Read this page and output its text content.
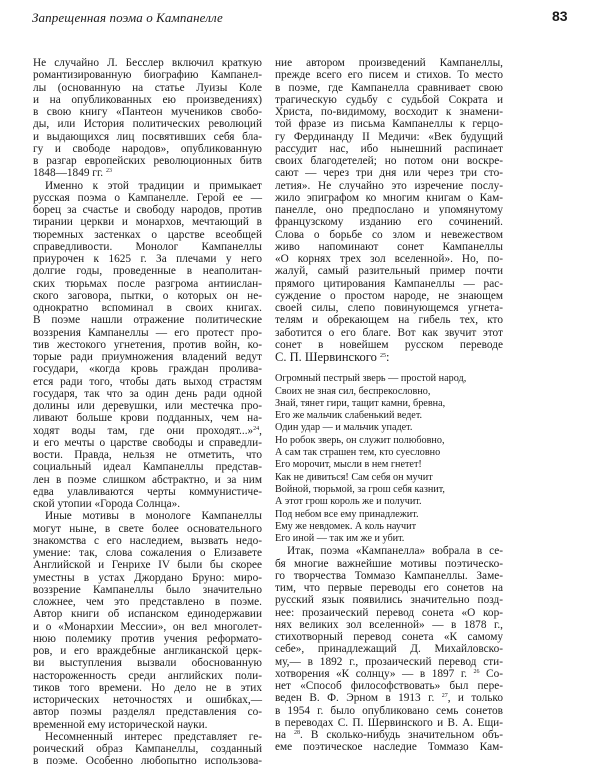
Запрещенная поэма о Кампанелле	83

Не случайно Л. Бесслер включил краткую
романтизированную биографию Кампанел-
лы (основанную на статье Луизы Коле
и на опубликованных ею произведениях)
в свою книгу «Пантеон мучеников свобо-
ды, или История политических революций
и выдающихся лиц посвятивших себя бла-
гу и свободе народов», опубликованную
в разгар европейских революционных битв
1848—1849 гг. $^{23}$

Именно к этой традиции и примыкает
русская поэма о Кампанелле. Герой ее —
борец за счастье и свободу народов, против
тирании церкви и монархов, мечтающий в
тюремных застенках о царстве всеобщей
справедливости. Монолог Кампанеллы
приурочен к 1625 г. За плечами у него
долгие годы, проведенные в неаполитан-
ских тюрьмах после разгрома антиислан-
ского заговора, пытки, о которых он не-
однократно вспоминал в своих книгах.
В поэме нашли отражение политические
воззрения Кампанеллы — его протест про-
тив жестокого угнетения, против войн, ко-
торые ради приумножения владений ведут
государи, «когда кровь граждан пролива-
ется ради того, чтобы дать выход страстям
государя, так что за один день ради одной
долины или деревушки, или местечка про-
ливают больше крови подданных, чем на-
ходят воды там, где они проходят...»$^{24}$,
и его мечты о царстве свободы и справедли-
вости. Правда, нельзя не отметить, что
социальный идеал Кампанеллы представ-
лен в поэме слишком абстрактно, и за ним
едва улавливаются черты коммунистиче-
ской утопии «Города Солнца».

Иные мотивы в монологе Кампанеллы
могут ныне, в свете более основательного
знакомства с его наследием, вызвать недо-
умение: так, слова сожаления о Елизавете
Английской и Генрихе IV были бы скорее
уместны в устах Джордано Бруно: миро-
воззрение Кампанеллы было значительно
сложнее, чем это представлено в поэме.
Автор книги об испанском единодержавии
и о «Монархии Мессии», он вел многолет-
нюю полемику против учения реформато-
ров, и его враждебные англиканской церк-
ви выступления вызвали обоснованную
настороженность среди английских поли-
тиков того времени. Но дело не в этих
исторических неточностях и ошибках,—
автор поэмы разделял представления со-
временной ему исторической науки.

Несомненный интерес представляет ге-
роический образ Кампанеллы, созданный
в поэме. Особенно любопытно использова-

ние автором произведений Кампанеллы,
прежде всего его писем и стихов. То место
в поэме, где Кампанелла сравнивает свою
трагическую судьбу с судьбой Сократа и
Христа, по-видимому, восходит к знамени-
той фразе из письма Кампанеллы к герцо-
гу Фердинанду II Медичи: «Век будущий
рассудит нас, ибо нынешний распинает
своих благодетелей; но потом они воскре-
сают — через три дня или через три сто-
летия». Не случайно это изречение послу-
жило эпиграфом ко многим книгам о Кам-
панелле, оно предпослано и упомянутому
французскому изданию его сочинений.
Слова о борьбе со злом и невежеством
живо напоминают сонет Кампанеллы
«О корнях трех зол вселенной». Но, по-
жалуй, самый разительный пример почти
прямого цитирования Кампанеллы — рас-
суждение о простом народе, не знающем
своей силы, слепо повинующемся угнета-
телям и обрекающем на гибель тех, кто
заботится о его благе. Вот как звучит этот
сонет в новейшем русском переводе
С. П. Шервинского $^{25}$:

Огромный пестрый зверь — простой народ,
Своих не зная сил, беспрекословно,
Знай, тянет гири, тащит камни, бревна,
Его же мальчик слабенький ведет.
Один удар — и мальчик упадет.
Но робок зверь, он служит полюбовно,
А сам так страшен тем, кто суесловно
Его морочит, мысли в нем гнетет!
Как не дивиться! Сам себя он мучит
Войной, тюрьмой, за грош себя казнит,
А этот грош король же и получит.
Под небом все ему принадлежит.
Ему же невдомек. А коль научит
Его иной — так им же и убит.

Итак, поэма «Кампанелла» вобрала в се-
бя многие важнейшие мотивы поэтическо-
го творчества Томмазо Кампанеллы. Заме-
тим, что первые переводы его сонетов на
русский язык появились значительно позд-
нее: прозаический перевод сонета «О кор-
нях великих зол вселенной» — в 1878 г.,
стихотворный перевод сонета «К самому
себе», принадлежащий Д. Михайловско-
му,— в 1892 г., прозаический перевод сти-
хотворения «К солнцу» — в 1897 г. $^{26}$ Со-
нет «Способ философствовать» был пере-
веден В. Ф. Эрном в 1913 г. $^{27}$, и только
в 1954 г. было опубликовано семь сонетов
в переводах С. П. Шервинского и В. А. Ещи-
на $^{28}$. В сколько-нибудь значительном объ-
еме поэтическое наследие Томмазо Кам-
